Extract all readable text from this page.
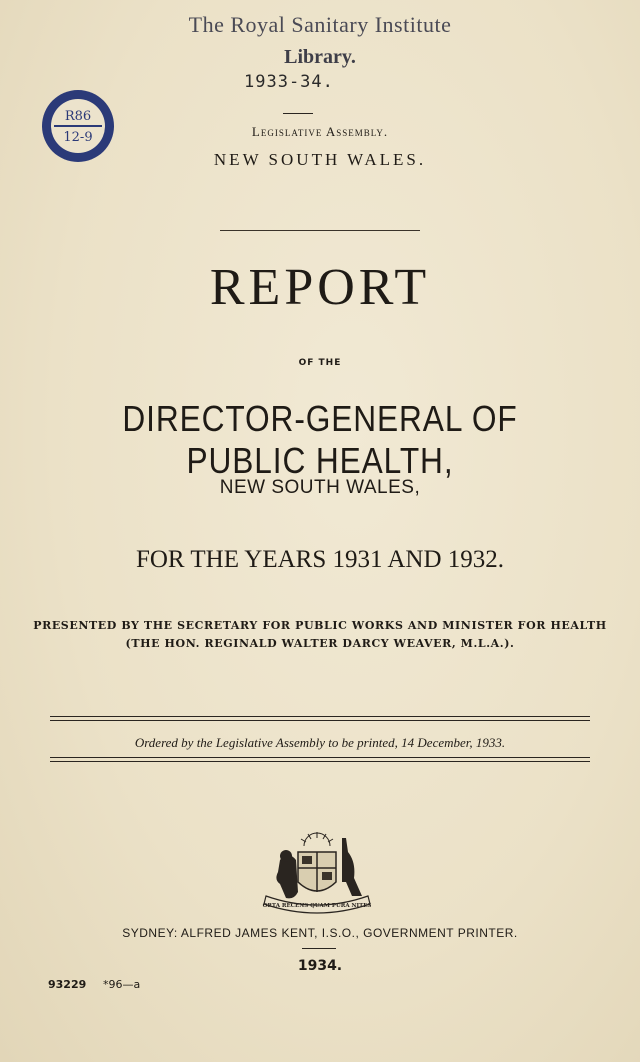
The Royal Sanitary Institute
Library.
1933-34.
R86
12-9	Legislative Assembly.
NEW SOUTH WALES.
REPORT
OF THE
DIRECTOR-GENERAL OF PUBLIC HEALTH,
NEW SOUTH WALES,
FOR THE YEARS 1931 AND 1932.
PRESENTED BY THE SECRETARY FOR PUBLIC WORKS AND MINISTER FOR HEALTH
(THE HON. REGINALD WALTER DARCY WEAVER, M.L.A.).
Ordered by the Legislative Assembly to be printed, 14 December, 1933.
ORTA RECENS QUAM PURA NITES
SYDNEY: ALFRED JAMES KENT, I.S.O., GOVERNMENT PRINTER.
1934.
93229 *96—a
